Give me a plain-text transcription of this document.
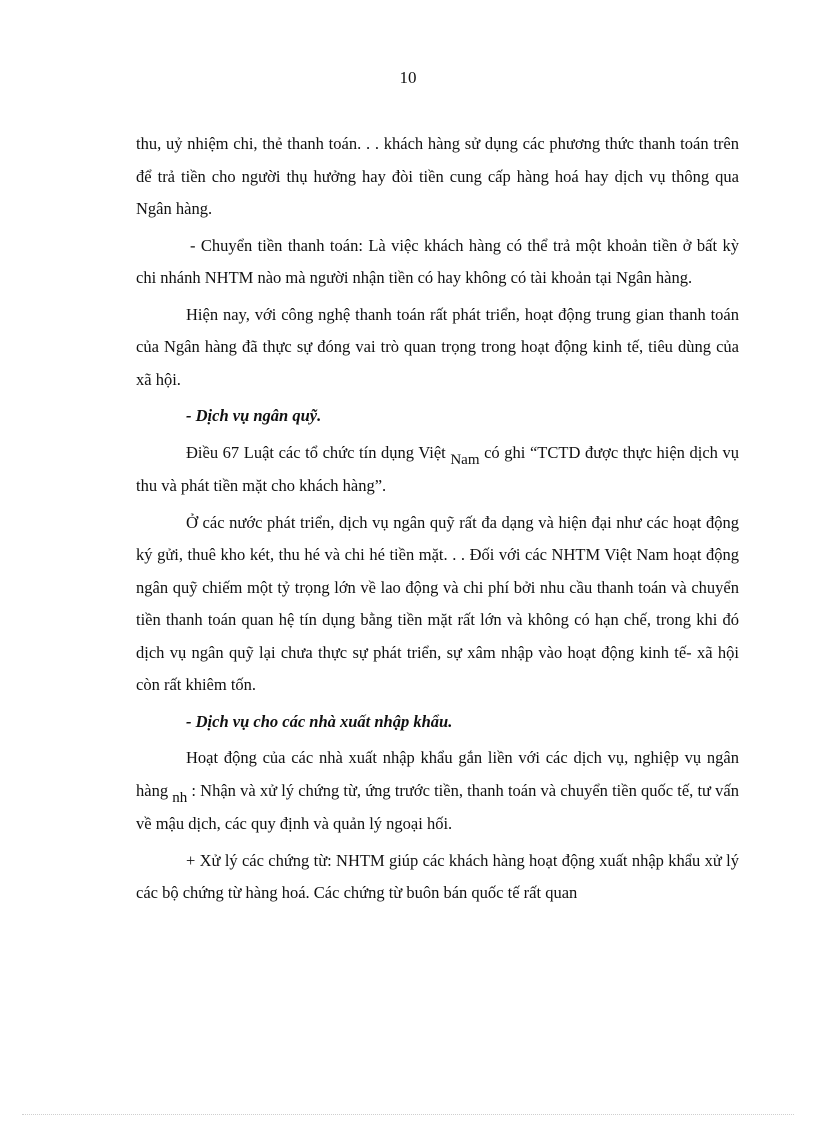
10

thu, uỷ nhiệm chi, thẻ thanh toán. . . khách hàng sử dụng các phương thức thanh toán trên để trả tiền cho người thụ hưởng hay đòi tiền cung cấp hàng hoá hay dịch vụ thông qua Ngân hàng.

- Chuyển tiền thanh toán: Là việc khách hàng có thể trả một khoản tiền ở bất kỳ chi nhánh NHTM nào mà người nhận tiền có hay không có tài khoản tại Ngân hàng.

Hiện nay, với công nghệ thanh toán rất phát triển, hoạt động trung gian thanh toán của Ngân hàng đã thực sự đóng vai trò quan trọng trong hoạt động kinh tế, tiêu dùng của xã hội.

- Dịch vụ ngân quỹ.

Điều 67 Luật các tổ chức tín dụng Việt Nam có ghi “TCTD được thực hiện dịch vụ thu và phát tiền mặt cho khách hàng”.

Ở các nước phát triển, dịch vụ ngân quỹ rất đa dạng và hiện đại như các hoạt động ký gửi, thuê kho két, thu hé và chi hé tiền mặt. . . Đối với các NHTM Việt Nam hoạt động ngân quỹ chiếm một tỷ trọng lớn về lao động và chi phí bởi nhu cầu thanh toán và chuyển tiền thanh toán quan hệ tín dụng bằng tiền mặt rất lớn và không có hạn chế, trong khi đó dịch vụ ngân quỹ lại chưa thực sự phát triển, sự xâm nhập vào hoạt động kinh tế- xã hội còn rất khiêm tốn.

- Dịch vụ cho các nhà xuất nhập khẩu.

Hoạt động của các nhà xuất nhập khẩu gắn liền với các dịch vụ, nghiệp vụ ngân hàng nh : Nhận và xử lý chứng từ, ứng trước tiền, thanh toán và chuyển tiền quốc tế, tư vấn về mậu dịch, các quy định và quản lý ngoại hối.

+ Xử lý các chứng từ: NHTM giúp các khách hàng hoạt động xuất nhập khẩu xử lý các bộ chứng từ hàng hoá. Các chứng từ buôn bán quốc tế rất quan
